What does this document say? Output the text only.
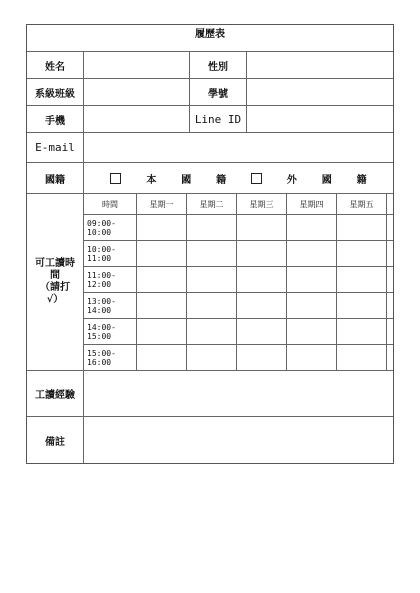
履歷表
姓名	性別
系級班級	學號
手機	Line ID
E-mail
國籍	本 國 籍	外 國 籍
可工讀時
間
（請打
√）
時間	星期一	星期二	星期三	星期四	星期五
09:00-10:00
10:00-11:00
11:00-12:00
13:00-14:00
14:00-15:00
15:00-16:00
工讀經驗
備註
